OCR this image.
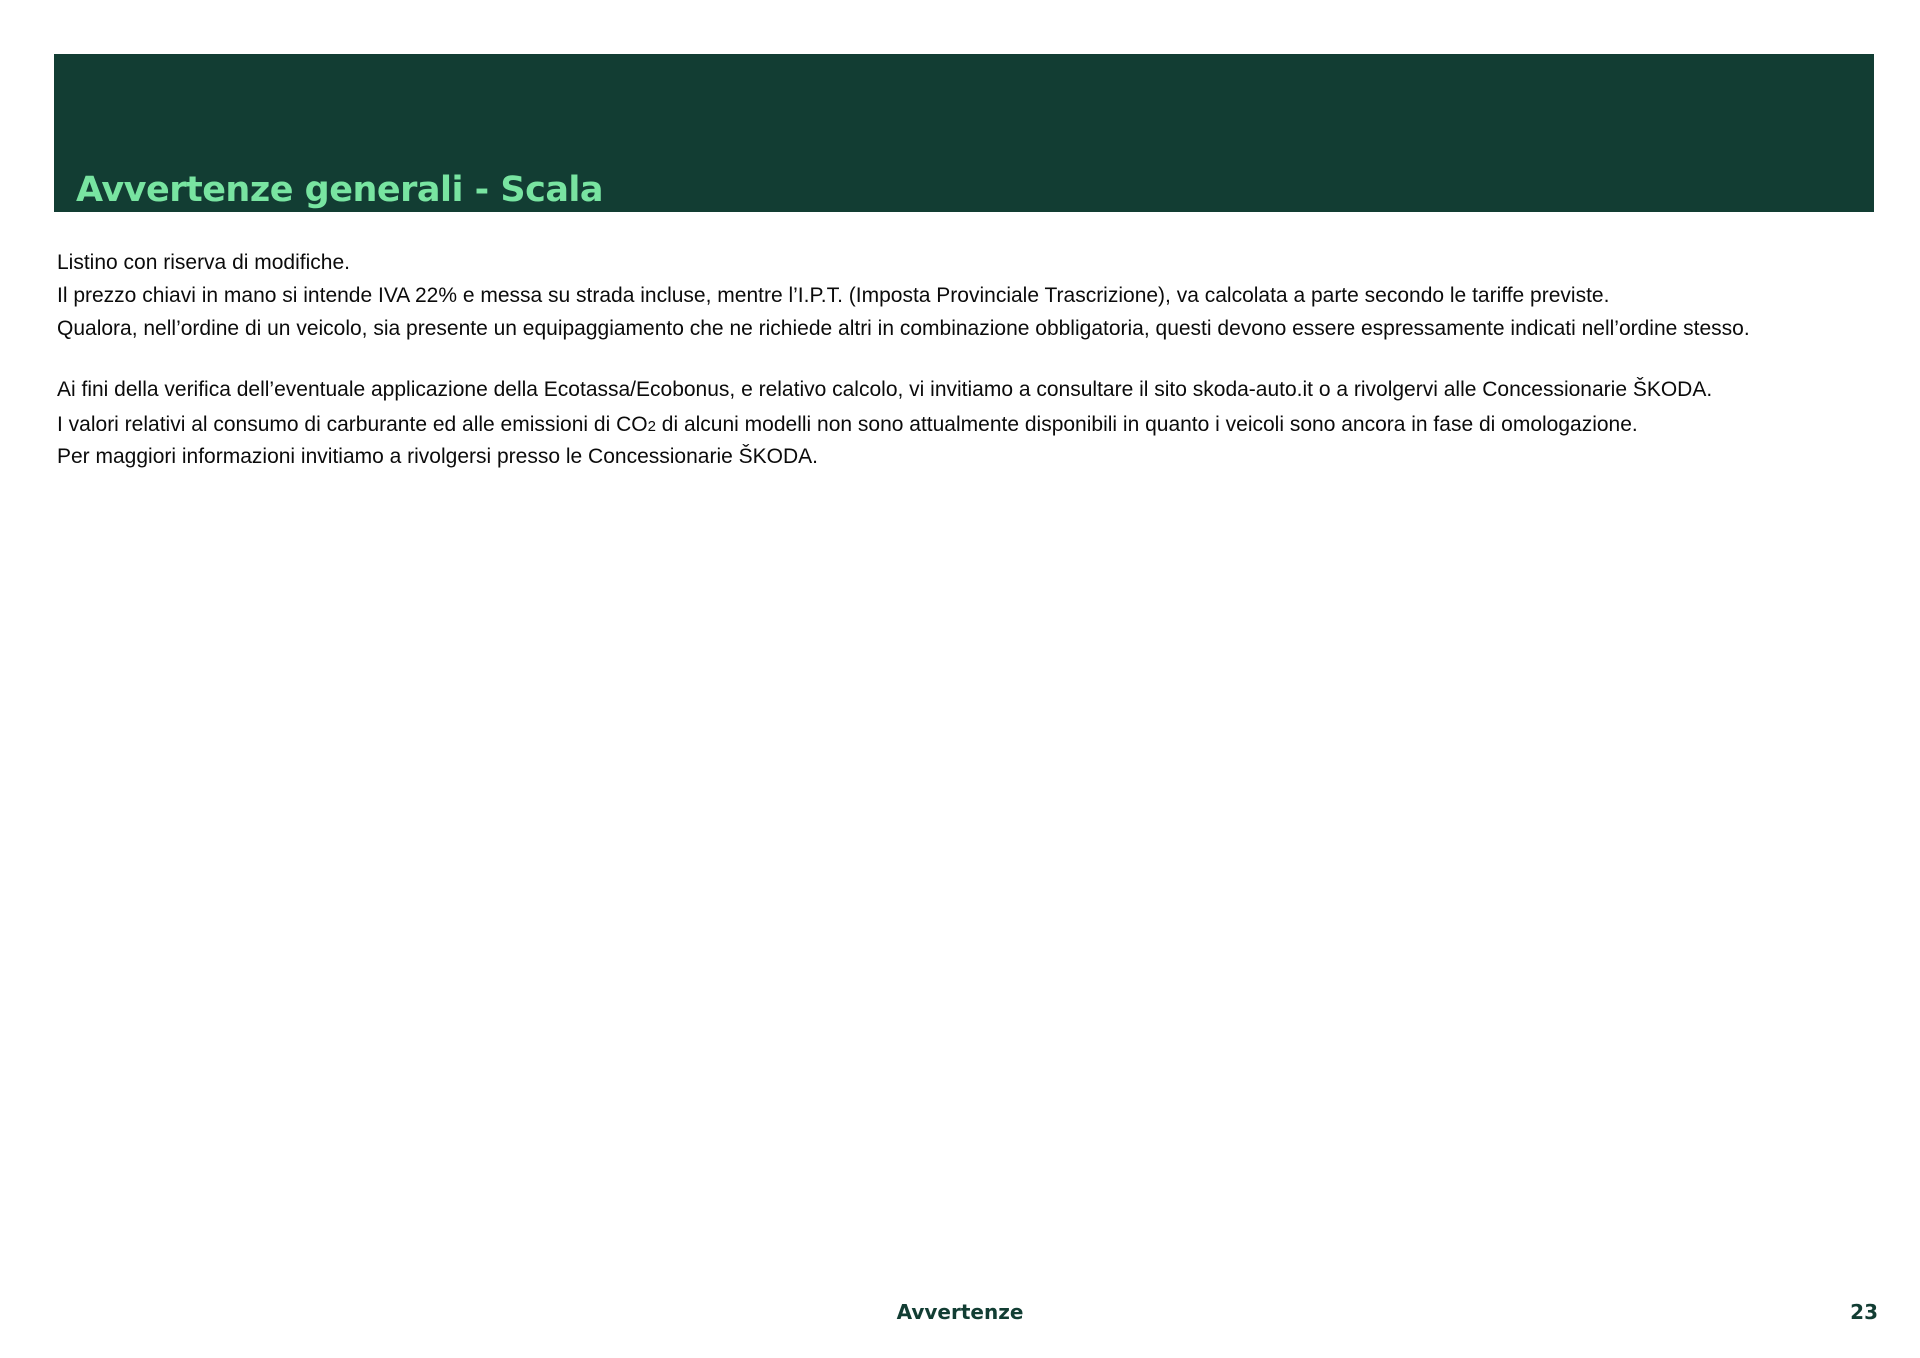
Avvertenze generali - Scala

Listino con riserva di modifiche.

Il prezzo chiavi in mano si intende IVA 22% e messa su strada incluse, mentre l’I.P.T. (Imposta Provinciale Trascrizione), va calcolata a parte secondo le tariffe previste.

Qualora, nell’ordine di un veicolo, sia presente un equipaggiamento che ne richiede altri in combinazione obbligatoria, questi devono essere espressamente indicati nell’ordine stesso.

Ai fini della verifica dell’eventuale applicazione della Ecotassa/Ecobonus, e relativo calcolo, vi invitiamo a consultare il sito skoda-auto.it o a rivolgervi alle Concessionarie ŠKODA.

I valori relativi al consumo di carburante ed alle emissioni di CO2 di alcuni modelli non sono attualmente disponibili in quanto i veicoli sono ancora in fase di omologazione.

Per maggiori informazioni invitiamo a rivolgersi presso le Concessionarie ŠKODA.

Avvertenze	23
